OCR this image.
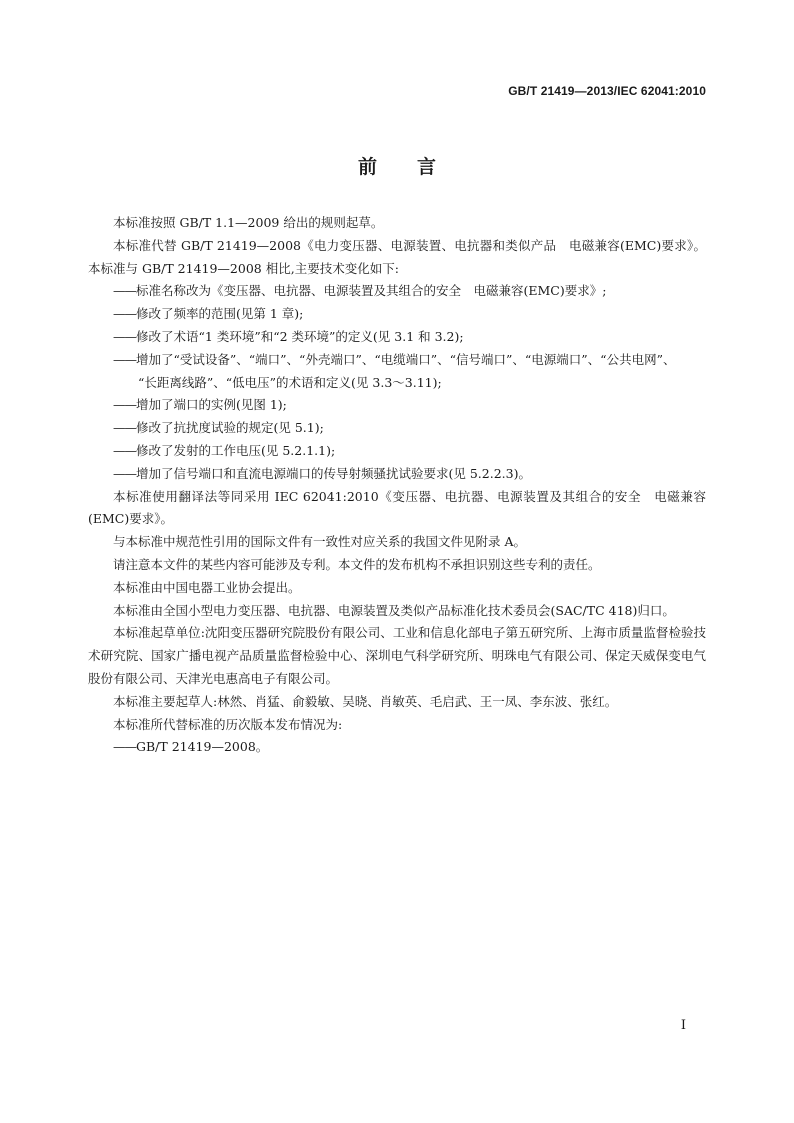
GB/T 21419—2013/IEC 62041:2010
前言

本标准按照 GB/T 1.1—2009 给出的规则起草。

本标准代替 GB/T 21419—2008《电力变压器、电源装置、电抗器和类似产品　电磁兼容(EMC)要求》。本标准与 GB/T 21419—2008 相比,主要技术变化如下:

——标准名称改为《变压器、电抗器、电源装置及其组合的安全　电磁兼容(EMC)要求》;

——修改了频率的范围(见第 1 章);

——修改了术语“1 类环境”和“2 类环境”的定义(见 3.1 和 3.2);

——增加了“受试设备”、“端口”、“外壳端口”、“电缆端口”、“信号端口”、“电源端口”、“公共电网”、

“长距离线路”、“低电压”的术语和定义(见 3.3～3.11);

——增加了端口的实例(见图 1);

——修改了抗扰度试验的规定(见 5.1);

——修改了发射的工作电压(见 5.2.1.1);

——增加了信号端口和直流电源端口的传导射频骚扰试验要求(见 5.2.2.3)。

本标准使用翻译法等同采用 IEC 62041:2010《变压器、电抗器、电源装置及其组合的安全　电磁兼容(EMC)要求》。

与本标准中规范性引用的国际文件有一致性对应关系的我国文件见附录 A。

请注意本文件的某些内容可能涉及专利。本文件的发布机构不承担识别这些专利的责任。

本标准由中国电器工业协会提出。

本标准由全国小型电力变压器、电抗器、电源装置及类似产品标准化技术委员会(SAC/TC 418)归口。

本标准起草单位:沈阳变压器研究院股份有限公司、工业和信息化部电子第五研究所、上海市质量监督检验技术研究院、国家广播电视产品质量监督检验中心、深圳电气科学研究所、明珠电气有限公司、保定天威保变电气股份有限公司、天津光电惠高电子有限公司。

本标准主要起草人:林然、肖猛、俞毅敏、吴晓、肖敏英、毛启武、王一凤、李东波、张红。

本标准所代替标准的历次版本发布情况为:

——GB/T 21419—2008。

I
